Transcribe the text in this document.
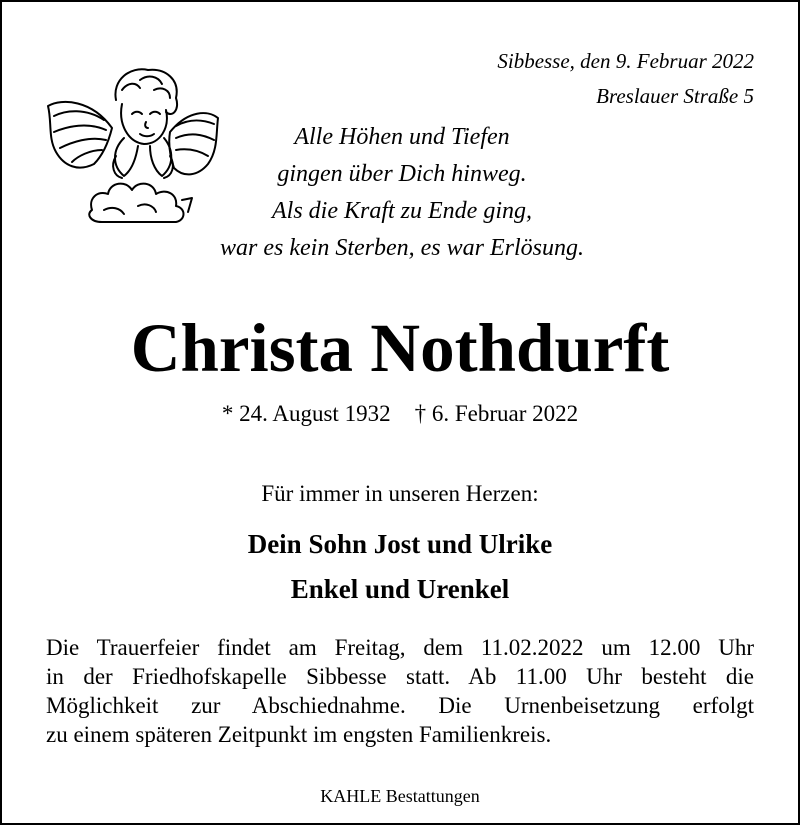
Sibbesse, den 9. Februar 2022
Breslauer Straße 5
Alle Höhen und Tiefen
gingen über Dich hinweg.
Als die Kraft zu Ende ging,
war es kein Sterben, es war Erlösung.
Christa Nothdurft
* 24. August 1932 † 6. Februar 2022
Für immer in unseren Herzen:
Dein Sohn Jost und Ulrike
Enkel und Urenkel
Die Trauerfeier findet am Freitag, dem 11.02.2022 um 12.00 Uhr
in der Friedhofskapelle Sibbesse statt. Ab 11.00 Uhr besteht die
Möglichkeit zur Abschiednahme. Die Urnenbeisetzung erfolgt
zu einem späteren Zeitpunkt im engsten Familienkreis.
KAHLE Bestattungen
